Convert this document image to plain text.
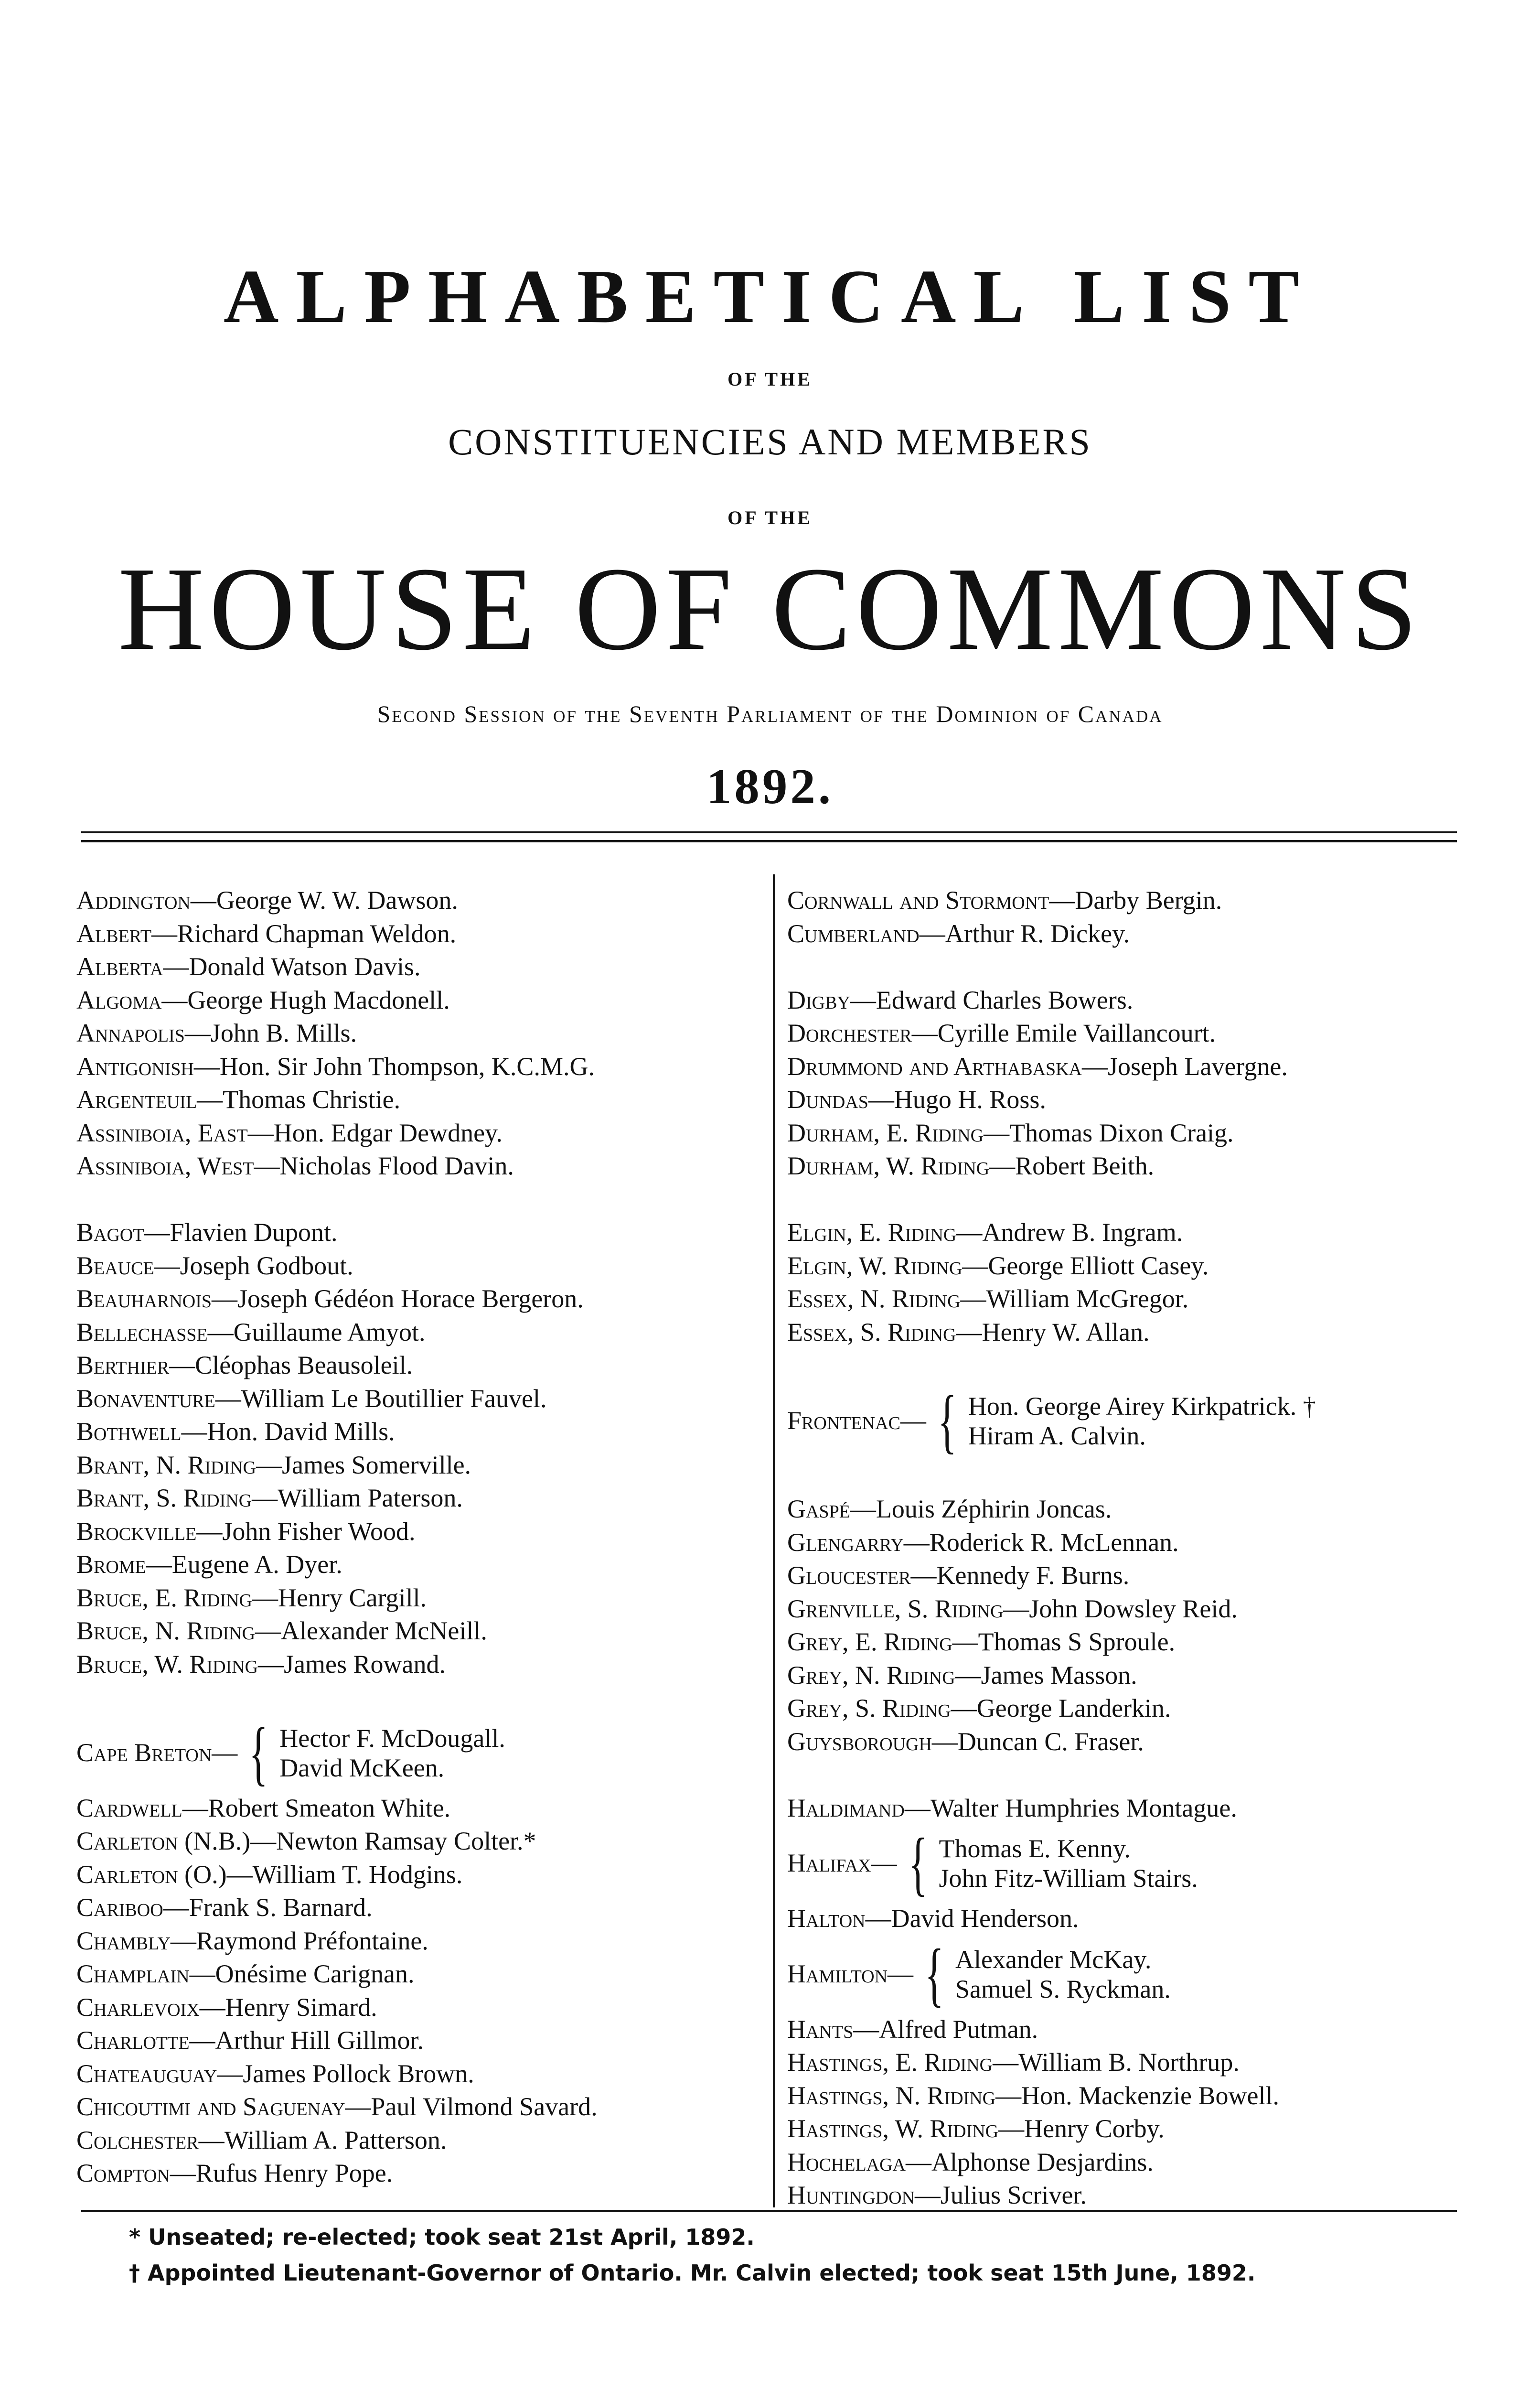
ALPHABETICAL LIST
OF THE
CONSTITUENCIES AND MEMBERS
OF THE
HOUSE OF COMMONS
Second Session of the Seventh Parliament of the Dominion of Canada
1892.
Addington—George W. W. Dawson.
Albert—Richard Chapman Weldon.
Alberta—Donald Watson Davis.
Algoma—George Hugh Macdonell.
Annapolis—John B. Mills.
Antigonish—Hon. Sir John Thompson, K.C.M.G.
Argenteuil—Thomas Christie.
Assiniboia, East—Hon. Edgar Dewdney.
Assiniboia, West—Nicholas Flood Davin.
Bagot—Flavien Dupont.
Beauce—Joseph Godbout.
Beauharnois—Joseph Gédéon Horace Bergeron.
Bellechasse—Guillaume Amyot.
Berthier—Cléophas Beausoleil.
Bonaventure—William Le Boutillier Fauvel.
Bothwell—Hon. David Mills.
Brant, N. Riding—James Somerville.
Brant, S. Riding—William Paterson.
Brockville—John Fisher Wood.
Brome—Eugene A. Dyer.
Bruce, E. Riding—Henry Cargill.
Bruce, N. Riding—Alexander McNeill.
Bruce, W. Riding—James Rowand.
Cape Breton— { Hector F. McDougall.
David McKeen.
Cardwell—Robert Smeaton White.
Carleton (N.B.)—Newton Ramsay Colter.*
Carleton (O.)—William T. Hodgins.
Cariboo—Frank S. Barnard.
Chambly—Raymond Préfontaine.
Champlain—Onésime Carignan.
Charlevoix—Henry Simard.
Charlotte—Arthur Hill Gillmor.
Chateauguay—James Pollock Brown.
Chicoutimi and Saguenay—Paul Vilmond Savard.
Colchester—William A. Patterson.
Compton—Rufus Henry Pope.
Cornwall and Stormont—Darby Bergin.
Cumberland—Arthur R. Dickey.
Digby—Edward Charles Bowers.
Dorchester—Cyrille Emile Vaillancourt.
Drummond and Arthabaska—Joseph Lavergne.
Dundas—Hugo H. Ross.
Durham, E. Riding—Thomas Dixon Craig.
Durham, W. Riding—Robert Beith.
Elgin, E. Riding—Andrew B. Ingram.
Elgin, W. Riding—George Elliott Casey.
Essex, N. Riding—William McGregor.
Essex, S. Riding—Henry W. Allan.
Frontenac— { Hon. George Airey Kirkpatrick. †
Hiram A. Calvin.
Gaspé—Louis Zéphirin Joncas.
Glengarry—Roderick R. McLennan.
Gloucester—Kennedy F. Burns.
Grenville, S. Riding—John Dowsley Reid.
Grey, E. Riding—Thomas S Sproule.
Grey, N. Riding—James Masson.
Grey, S. Riding—George Landerkin.
Guysborough—Duncan C. Fraser.
Haldimand—Walter Humphries Montague.
Halifax— { Thomas E. Kenny.
John Fitz-William Stairs.
Halton—David Henderson.
Hamilton— { Alexander McKay.
Samuel S. Ryckman.
Hants—Alfred Putman.
Hastings, E. Riding—William B. Northrup.
Hastings, N. Riding—Hon. Mackenzie Bowell.
Hastings, W. Riding—Henry Corby.
Hochelaga—Alphonse Desjardins.
Huntingdon—Julius Scriver.
* Unseated; re-elected; took seat 21st April, 1892.
† Appointed Lieutenant-Governor of Ontario. Mr. Calvin elected; took seat 15th June, 1892.
